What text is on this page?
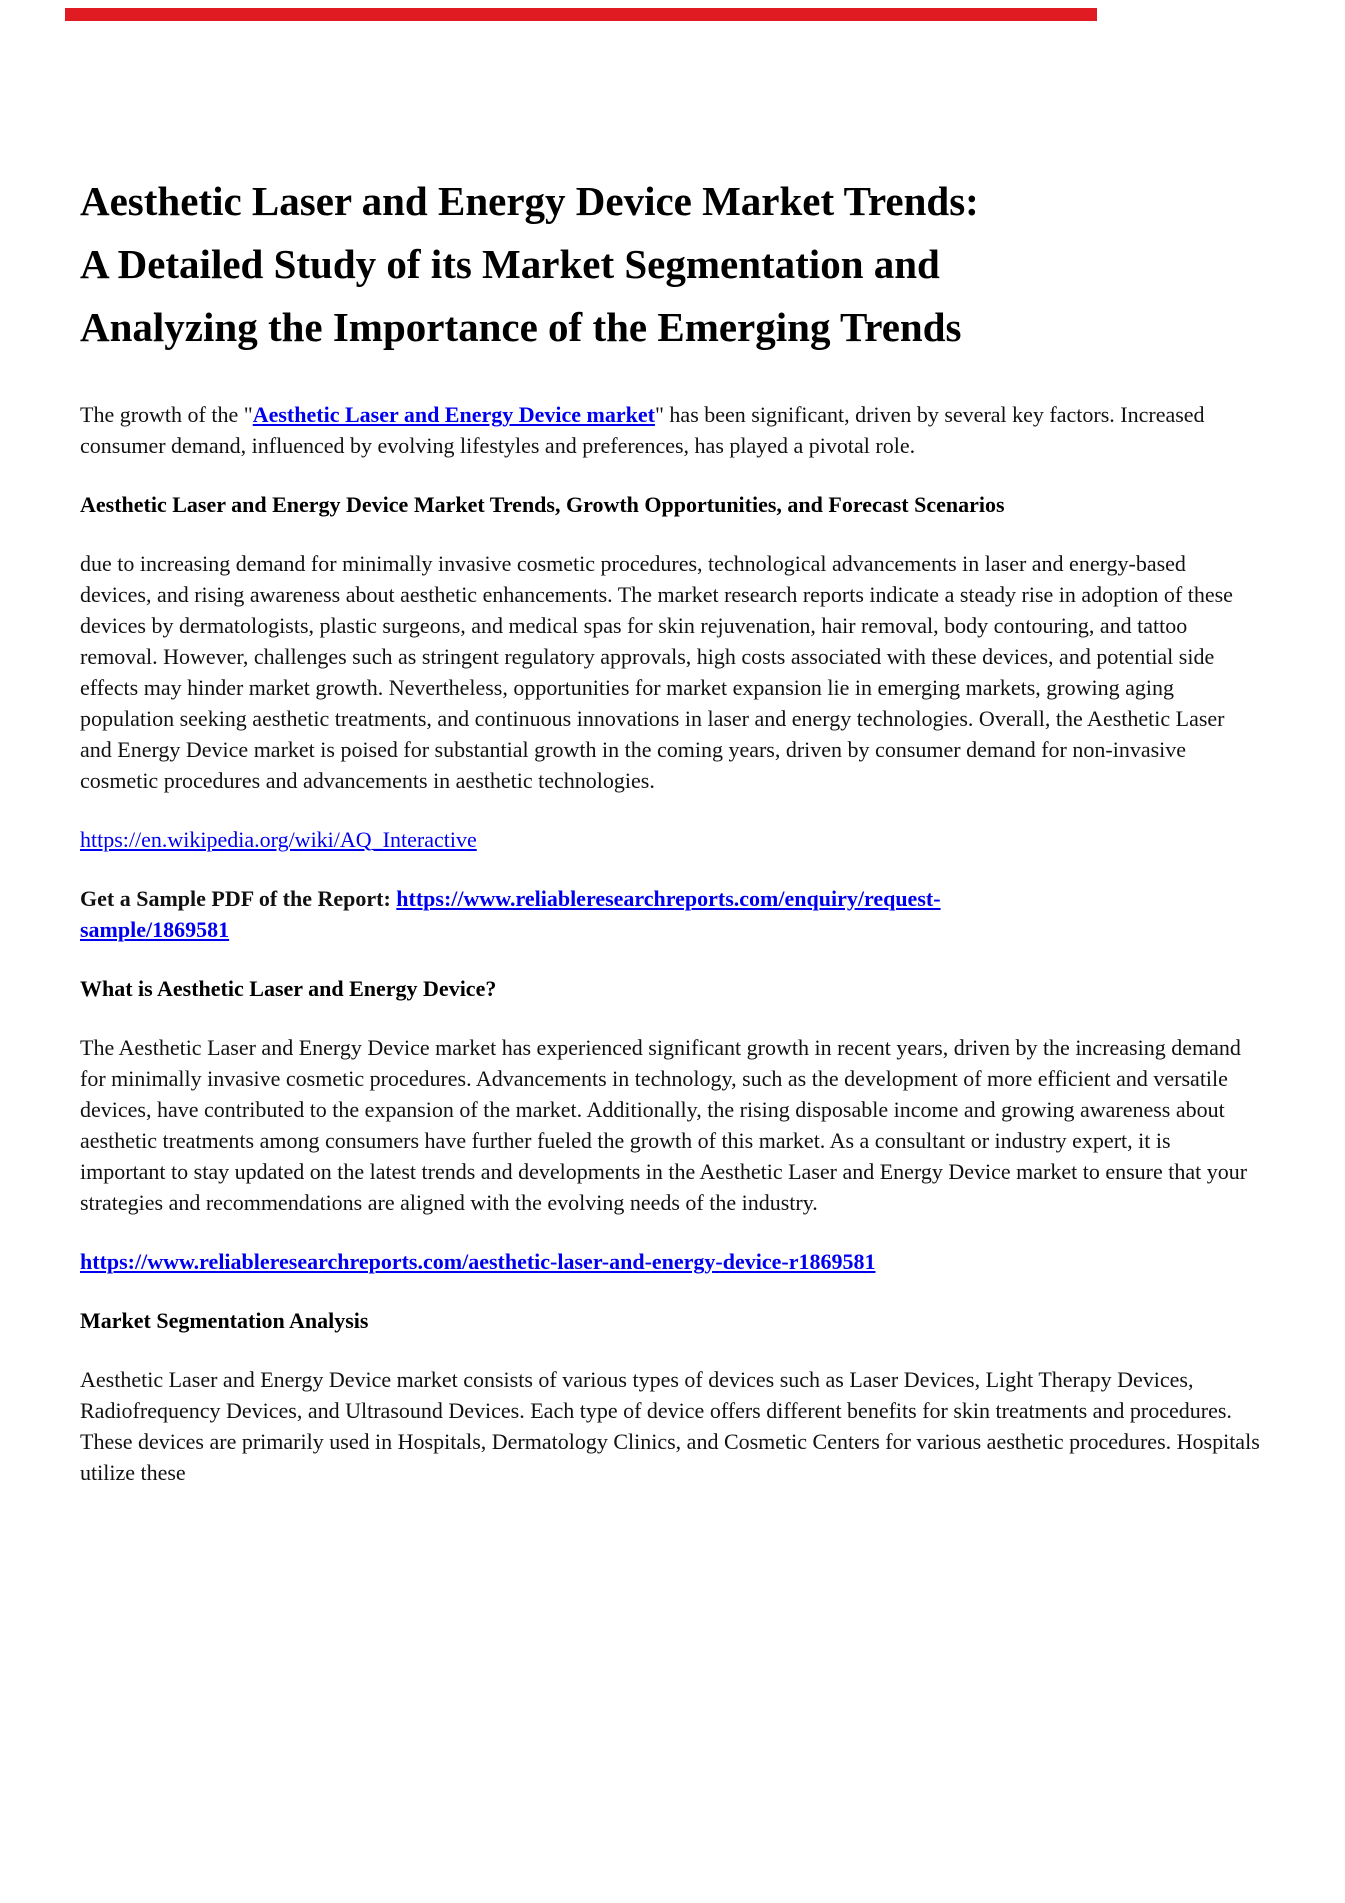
Aesthetic Laser and Energy Device Market Trends: A Detailed Study of its Market Segmentation and Analyzing the Importance of the Emerging Trends

The growth of the "Aesthetic Laser and Energy Device market" has been significant, driven by several key factors. Increased consumer demand, influenced by evolving lifestyles and preferences, has played a pivotal role.

Aesthetic Laser and Energy Device Market Trends, Growth Opportunities, and Forecast Scenarios

due to increasing demand for minimally invasive cosmetic procedures, technological advancements in laser and energy-based devices, and rising awareness about aesthetic enhancements. The market research reports indicate a steady rise in adoption of these devices by dermatologists, plastic surgeons, and medical spas for skin rejuvenation, hair removal, body contouring, and tattoo removal. However, challenges such as stringent regulatory approvals, high costs associated with these devices, and potential side effects may hinder market growth. Nevertheless, opportunities for market expansion lie in emerging markets, growing aging population seeking aesthetic treatments, and continuous innovations in laser and energy technologies. Overall, the Aesthetic Laser and Energy Device market is poised for substantial growth in the coming years, driven by consumer demand for non-invasive cosmetic procedures and advancements in aesthetic technologies.

https://en.wikipedia.org/wiki/AQ_Interactive

Get a Sample PDF of the Report: https://www.reliableresearchreports.com/enquiry/request-sample/1869581

What is Aesthetic Laser and Energy Device?

The Aesthetic Laser and Energy Device market has experienced significant growth in recent years, driven by the increasing demand for minimally invasive cosmetic procedures. Advancements in technology, such as the development of more efficient and versatile devices, have contributed to the expansion of the market. Additionally, the rising disposable income and growing awareness about aesthetic treatments among consumers have further fueled the growth of this market. As a consultant or industry expert, it is important to stay updated on the latest trends and developments in the Aesthetic Laser and Energy Device market to ensure that your strategies and recommendations are aligned with the evolving needs of the industry.

https://www.reliableresearchreports.com/aesthetic-laser-and-energy-device-r1869581

Market Segmentation Analysis

Aesthetic Laser and Energy Device market consists of various types of devices such as Laser Devices, Light Therapy Devices, Radiofrequency Devices, and Ultrasound Devices. Each type of device offers different benefits for skin treatments and procedures. These devices are primarily used in Hospitals, Dermatology Clinics, and Cosmetic Centers for various aesthetic procedures. Hospitals utilize these
